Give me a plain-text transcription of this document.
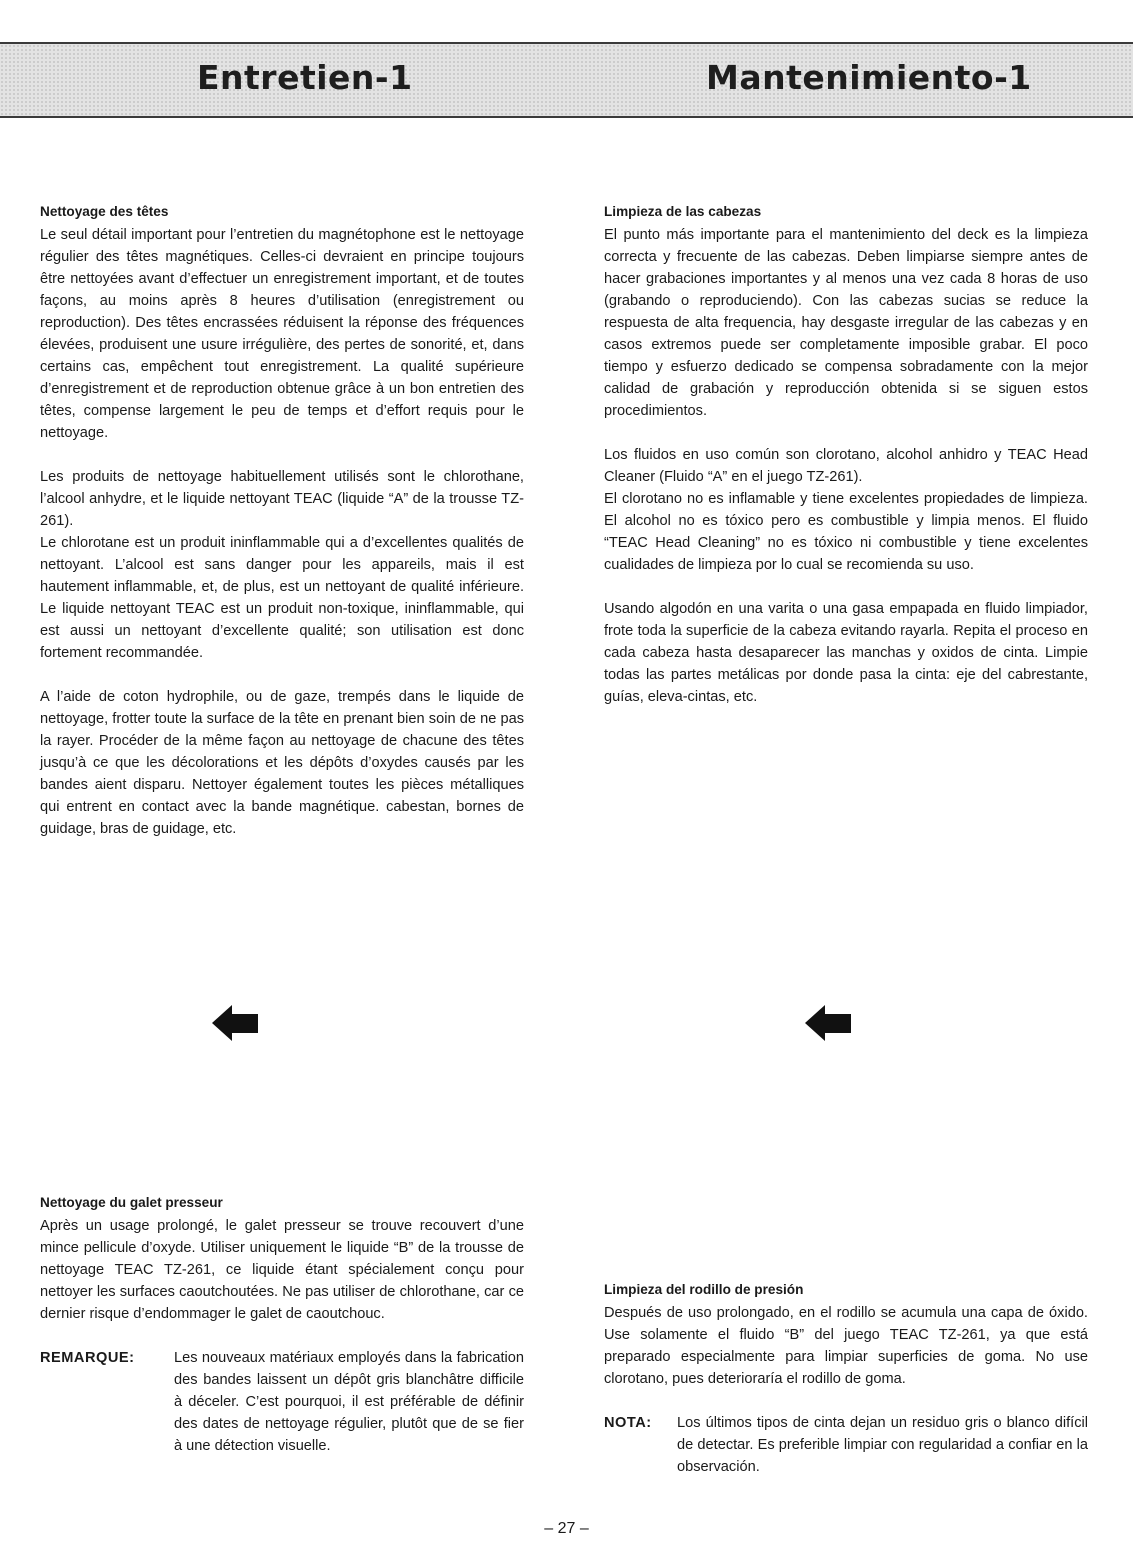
Entretien-1	Mantenimiento-1
Nettoyage des têtes

Le seul détail important pour l’entretien du magnétophone est le nettoyage régulier des têtes magnétiques. Celles-ci devraient en principe toujours être nettoyées avant d’effectuer un enregistrement important, et de toutes façons, au moins après 8 heures d’utilisation (enregistrement ou reproduction). Des têtes encrassées réduisent la réponse des fréquences élevées, produisent une usure irrégulière, des pertes de sonorité, et, dans certains cas, empêchent tout enregistrement. La qualité supérieure d’enregistrement et de reproduction obtenue grâce à un bon entretien des têtes, compense largement le peu de temps et d’effort requis pour le nettoyage.

Les produits de nettoyage habituellement utilisés sont le chlorothane, l’alcool anhydre, et le liquide nettoyant TEAC (liquide “A” de la trousse TZ-261).

Le chlorotane est un produit ininflammable qui a d’excellentes qualités de nettoyant. L’alcool est sans danger pour les appareils, mais il est hautement inflammable, et, de plus, est un nettoyant de qualité inférieure. Le liquide nettoyant TEAC est un produit non-toxique, ininflammable, qui est aussi un nettoyant d’excellente qualité; son utilisation est donc fortement recommandée.

A l’aide de coton hydrophile, ou de gaze, trempés dans le liquide de nettoyage, frotter toute la surface de la tête en prenant bien soin de ne pas la rayer. Procéder de la même façon au nettoyage de chacune des têtes jusqu’à ce que les décolorations et les dépôts d’oxydes causés par les bandes aient disparu. Nettoyer également toutes les pièces métalliques qui entrent en contact avec la bande magnétique. cabestan, bornes de guidage, bras de guidage, etc.

Limpieza de las cabezas

El punto más importante para el mantenimiento del deck es la limpieza correcta y frecuente de las cabezas. Deben limpiarse siempre antes de hacer grabaciones importantes y al menos una vez cada 8 horas de uso (grabando o reproduciendo). Con las cabezas sucias se reduce la respuesta de alta frequencia, hay desgaste irregular de las cabezas y en casos extremos puede ser completamente imposible grabar. El poco tiempo y esfuerzo dedicado se compensa sobradamente con la mejor calidad de grabación y reproducción obtenida si se siguen estos procedimientos.

Los fluidos en uso común son clorotano, alcohol anhidro y TEAC Head Cleaner (Fluido “A” en el juego TZ-261).

El clorotano no es inflamable y tiene excelentes propiedades de limpieza. El alcohol no es tóxico pero es combustible y limpia menos. El fluido “TEAC Head Cleaning” no es tóxico ni combustible y tiene excelentes cualidades de limpieza por lo cual se recomienda su uso.

Usando algodón en una varita o una gasa empapada en fluido limpiador, frote toda la superficie de la cabeza evitando rayarla. Repita el proceso en cada cabeza hasta desaparecer las manchas y oxidos de cinta. Limpie todas las partes metálicas por donde pasa la cinta: eje del cabrestante, guías, eleva-cintas, etc.

Nettoyage du galet presseur

Après un usage prolongé, le galet presseur se trouve recouvert d’une mince pellicule d’oxyde. Utiliser uniquement le liquide “B” de la trousse de nettoyage TEAC TZ-261, ce liquide étant spécialement conçu pour nettoyer les surfaces caoutchoutées. Ne pas utiliser de chlorothane, car ce dernier risque d’endommager le galet de caoutchouc.

REMARQUE:	Les nouveaux matériaux employés dans la fabrication des bandes laissent un dépôt gris blanchâtre difficile à déceler. C’est pourquoi, il est préférable de définir des dates de nettoyage régulier, plutôt que de se fier à une détection visuelle.
Limpieza del rodillo de presión

Después de uso prolongado, en el rodillo se acumula una capa de óxido. Use solamente el fluido “B” del juego TEAC TZ-261, ya que está preparado especialmente para limpiar superficies de goma. No use clorotano, pues deterioraría el rodillo de goma.

NOTA:	Los últimos tipos de cinta dejan un residuo gris o blanco difícil de detectar. Es preferible limpiar con regularidad a confiar en la observación.
– 27 –
